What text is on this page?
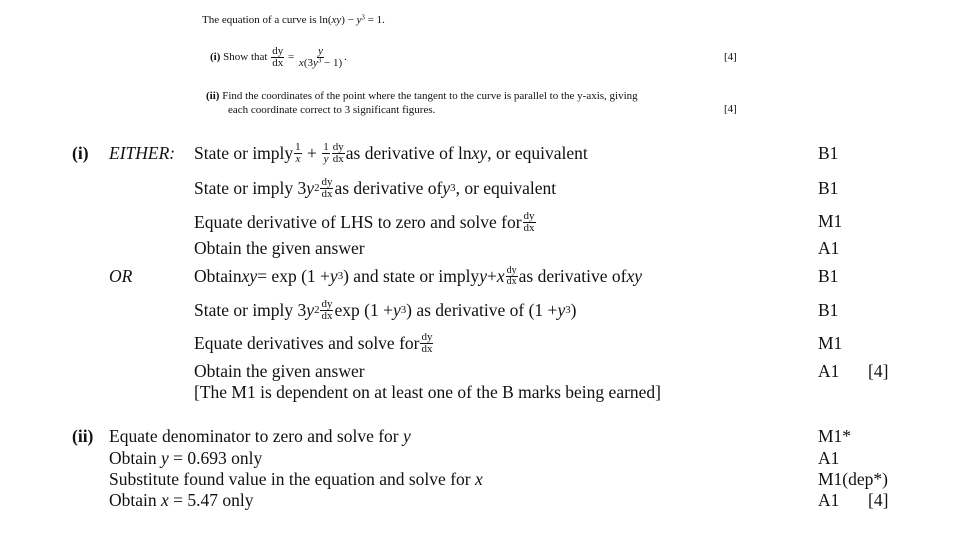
The equation of a curve is $\ln(xy) - y^3 = 1$.
(i)
Show that
$\frac{dy}{dx}$
=
$\frac{y}{x(3y^3 - 1)}$ .	[4]
(ii) Find the coordinates of the point where the tangent to the curve is parallel to the y-axis, giving
each coordinate correct to 3 significant figures.	[4]
(i) EITHER: State or imply $\frac{1}{x}$
+
$\frac{1}{y} \frac{dy}{dx}$ as derivative of ln xy , or equivalent	B1
State or imply 3 y $2 \frac{dy}{dx}$ as derivative of y 3 , or equivalent	B1
Equate derivative of LHS to zero and solve for $\frac{dy}{dx}$	M1
Obtain the given answer	A1
OR	Obtain xy = exp (1 + y 3 ) and state or imply y + x $\frac{dy}{dx}$ as derivative of xy	B1
State or imply 3 y $2 \frac{dy}{dx}$ exp (1 + y 3 ) as derivative of (1 + y 3 )	B1
Equate derivatives and solve for $\frac{dy}{dx}$	M1
Obtain the given answer	A1 [4]
[The M1 is dependent on at least one of the B marks being earned]
(ii) Equate denominator to zero and solve for y	M1*
Obtain y = 0.693 only	A1
Substitute found value in the equation and solve for x	M1(dep*)
Obtain x = 5.47 only	A1 [4]
